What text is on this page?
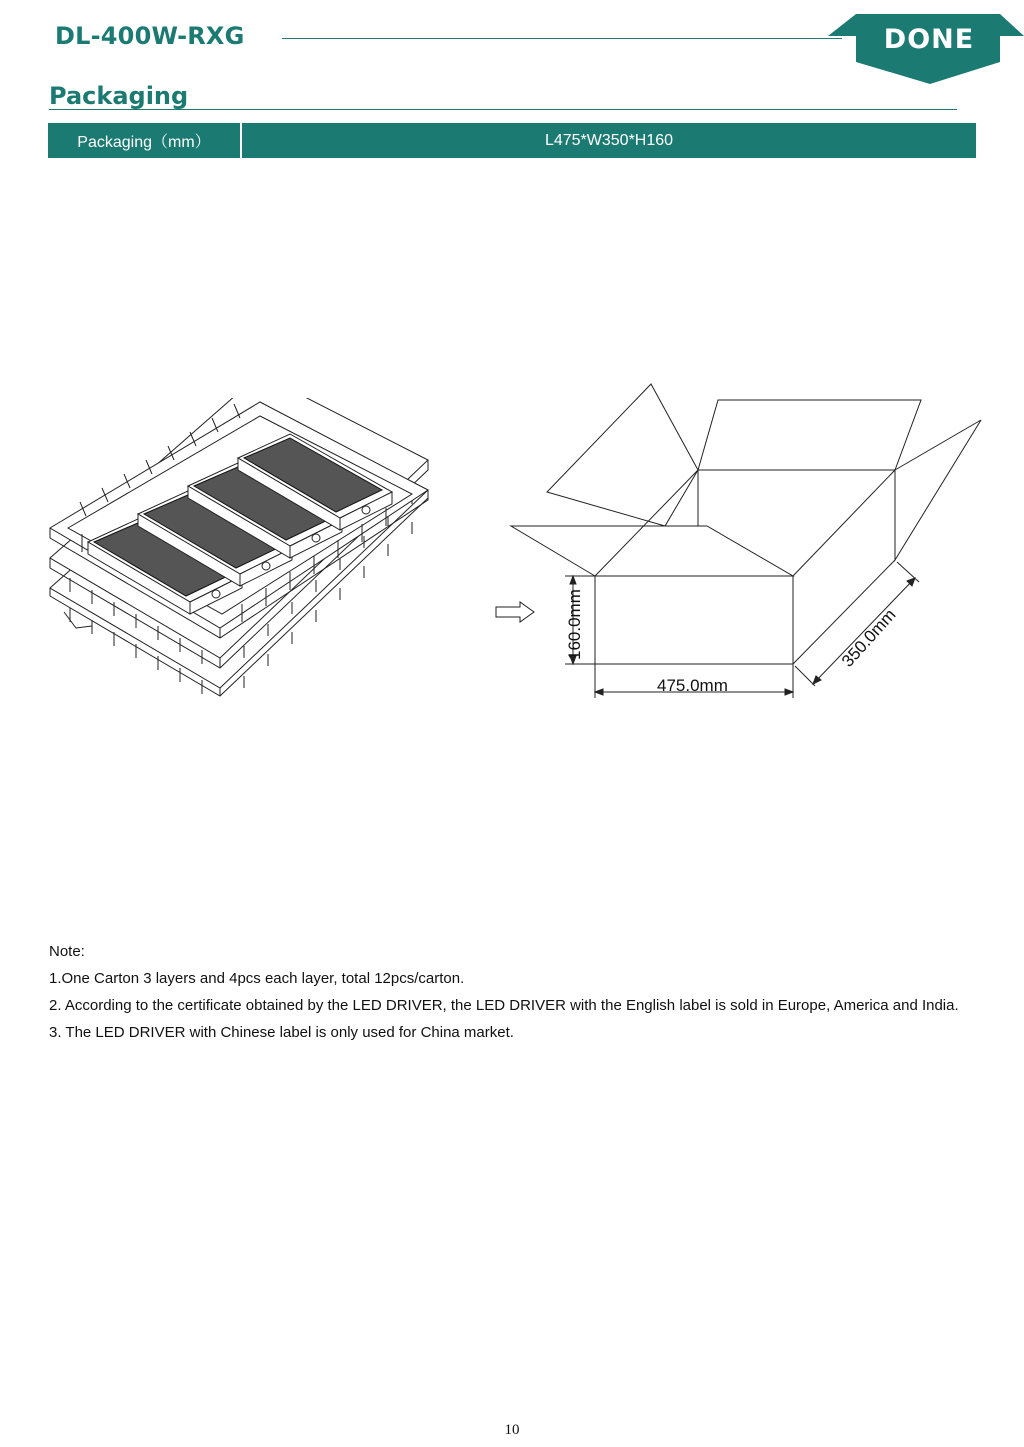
DL-400W-RXG	DONE
Packaging
Packaging（mm）	L475*W350*H160
475.0mm
160.0mm	350.0mm
Note:
1.One Carton 3 layers and 4pcs each layer, total 12pcs/carton.
2. According to the certificate obtained by the LED DRIVER, the LED DRIVER with the English label is sold in Europe, America and India.
3. The LED DRIVER with Chinese label is only used for China market.
10
